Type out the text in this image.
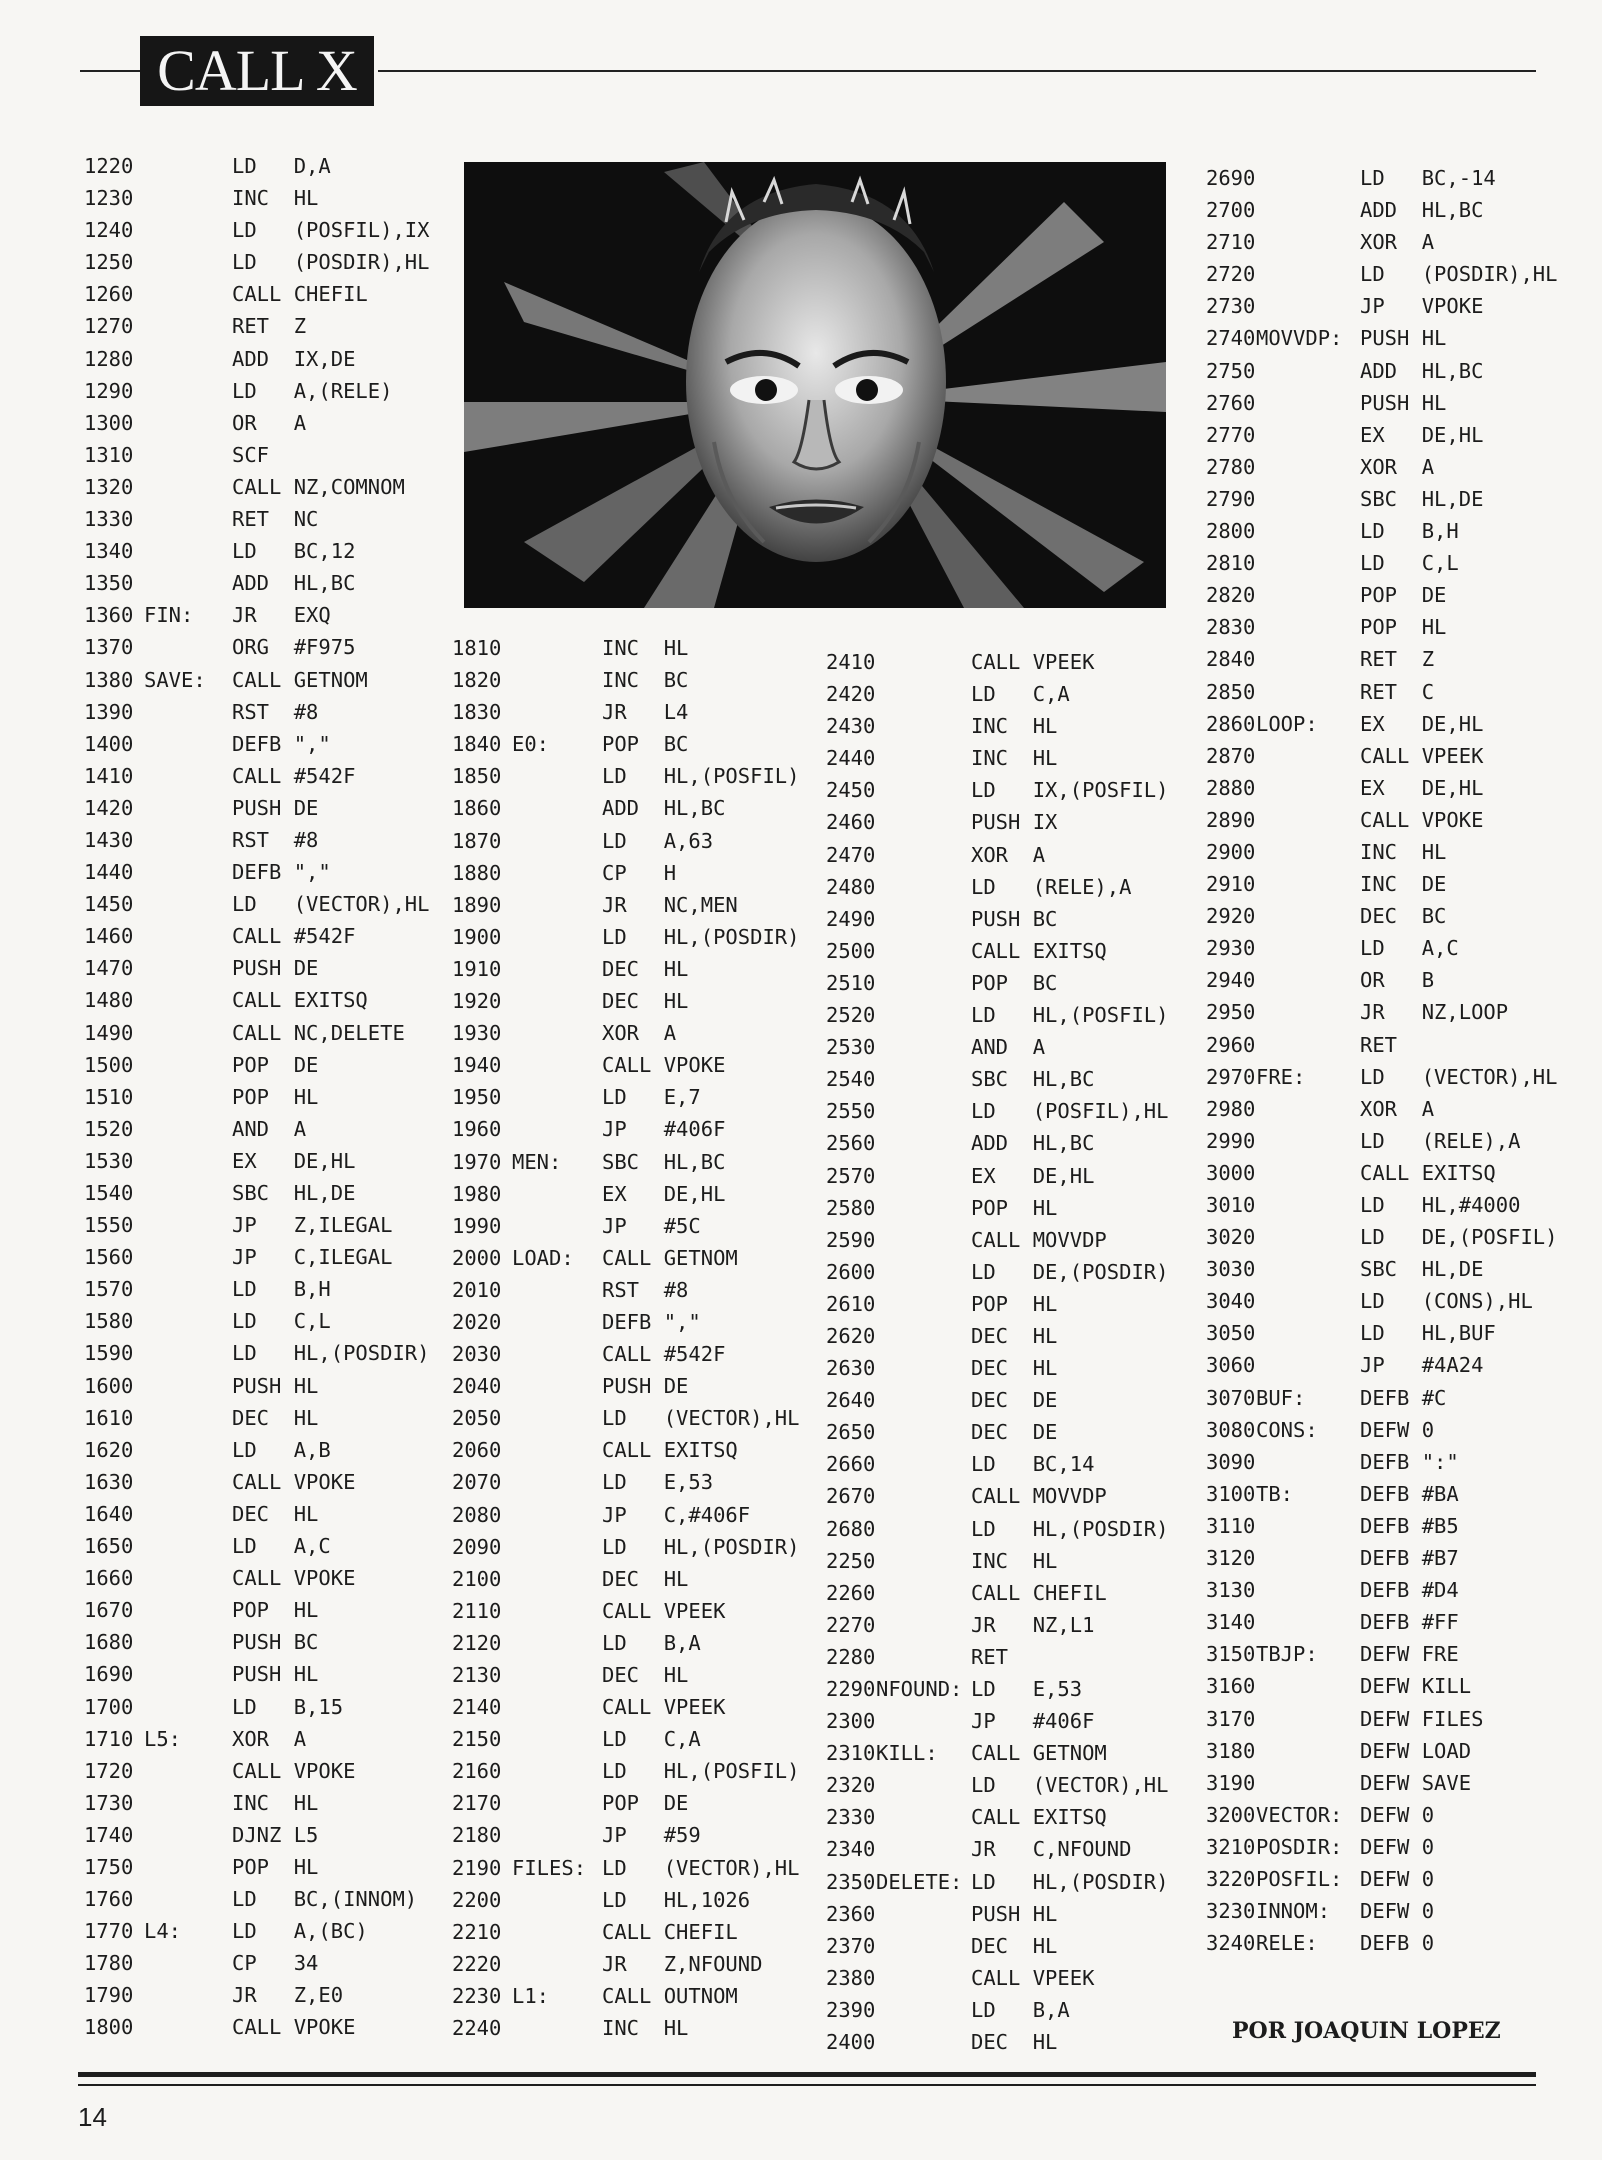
CALL X
1220	LD   D,A
1230	INC  HL
1240	LD   (POSFIL),IX
1250	LD   (POSDIR),HL
1260	CALL CHEFIL
1270	RET  Z
1280	ADD  IX,DE
1290	LD   A,(RELE)
1300	OR   A
1310	SCF
1320	CALL NZ,COMNOM
1330	RET  NC
1340	LD   BC,12
1350	ADD  HL,BC
1360 FIN:	JR   EXQ
1370	ORG  #F975
1380 SAVE:	CALL GETNOM
1390	RST  #8
1400	DEFB ","
1410	CALL #542F
1420	PUSH DE
1430	RST  #8
1440	DEFB ","
1450	LD   (VECTOR),HL
1460	CALL #542F
1470	PUSH DE
1480	CALL EXITSQ
1490	CALL NC,DELETE
1500	POP  DE
1510	POP  HL
1520	AND  A
1530	EX   DE,HL
1540	SBC  HL,DE
1550	JP   Z,ILEGAL
1560	JP   C,ILEGAL
1570	LD   B,H
1580	LD   C,L
1590	LD   HL,(POSDIR)
1600	PUSH HL
1610	DEC  HL
1620	LD   A,B
1630	CALL VPOKE
1640	DEC  HL
1650	LD   A,C
1660	CALL VPOKE
1670	POP  HL
1680	PUSH BC
1690	PUSH HL
1700	LD   B,15
1710 L5:	XOR  A
1720	CALL VPOKE
1730	INC  HL
1740	DJNZ L5
1750	POP  HL
1760	LD   BC,(INNOM)
1770 L4:	LD   A,(BC)
1780	CP   34
1790	JR   Z,E0
1800	CALL VPOKE
1810	INC  HL
1820	INC  BC
1830	JR   L4
1840 E0:	POP  BC
1850	LD   HL,(POSFIL)
1860	ADD  HL,BC
1870	LD   A,63
1880	CP   H
1890	JR   NC,MEN
1900	LD   HL,(POSDIR)
1910	DEC  HL
1920	DEC  HL
1930	XOR  A
1940	CALL VPOKE
1950	LD   E,7
1960	JP   #406F
1970 MEN:	SBC  HL,BC
1980	EX   DE,HL
1990	JP   #5C
2000 LOAD:	CALL GETNOM
2010	RST  #8
2020	DEFB ","
2030	CALL #542F
2040	PUSH DE
2050	LD   (VECTOR),HL
2060	CALL EXITSQ
2070	LD   E,53
2080	JP   C,#406F
2090	LD   HL,(POSDIR)
2100	DEC  HL
2110	CALL VPEEK
2120	LD   B,A
2130	DEC  HL
2140	CALL VPEEK
2150	LD   C,A
2160	LD   HL,(POSFIL)
2170	POP  DE
2180	JP   #59
2190 FILES: LD   (VECTOR),HL
2200	LD   HL,1026
2210	CALL CHEFIL
2220	JR   Z,NFOUND
2230 L1:	CALL OUTNOM
2240	INC  HL
2410	CALL VPEEK
2420	LD   C,A
2430	INC  HL
2440	INC  HL
2450	LD   IX,(POSFIL)
2460	PUSH IX
2470	XOR  A
2480	LD   (RELE),A
2490	PUSH BC
2500	CALL EXITSQ
2510	POP  BC
2520	LD   HL,(POSFIL)
2530	AND  A
2540	SBC  HL,BC
2550	LD   (POSFIL),HL
2560	ADD  HL,BC
2570	EX   DE,HL
2580	POP  HL
2590	CALL MOVVDP
2600	LD   DE,(POSDIR)
2610	POP  HL
2620	DEC  HL
2630	DEC  HL
2640	DEC  DE
2650	DEC  DE
2660	LD   BC,14
2670	CALL MOVVDP
2680	LD   HL,(POSDIR)
2250	INC  HL
2260	CALL CHEFIL
2270	JR   NZ,L1
2280	RET
2290 NFOUND: LD   E,53
2300	JP   #406F
2310 KILL:	CALL GETNOM
2320	LD   (VECTOR),HL
2330	CALL EXITSQ
2340	JR   C,NFOUND
2350 DELETE: LD   HL,(POSDIR)
2360	PUSH HL
2370	DEC  HL
2380	CALL VPEEK
2390	LD   B,A
2400	DEC  HL
2690	LD   BC,-14
2700	ADD  HL,BC
2710	XOR  A
2720	LD   (POSDIR),HL
2730	JP   VPOKE
2740 MOVVDP: PUSH HL
2750	ADD  HL,BC
2760	PUSH HL
2770	EX   DE,HL
2780	XOR  A
2790	SBC  HL,DE
2800	LD   B,H
2810	LD   C,L
2820	POP  DE
2830	POP  HL
2840	RET  Z
2850	RET  C
2860 LOOP:	EX   DE,HL
2870	CALL VPEEK
2880	EX   DE,HL
2890	CALL VPOKE
2900	INC  HL
2910	INC  DE
2920	DEC  BC
2930	LD   A,C
2940	OR   B
2950	JR   NZ,LOOP
2960	RET
2970 FRE:	LD   (VECTOR),HL
2980	XOR  A
2990	LD   (RELE),A
3000	CALL EXITSQ
3010	LD   HL,#4000
3020	LD   DE,(POSFIL)
3030	SBC  HL,DE
3040	LD   (CONS),HL
3050	LD   HL,BUF
3060	JP   #4A24
3070 BUF:	DEFB #C
3080 CONS:	DEFW 0
3090	DEFB ":"
3100 TB:	DEFB #BA
3110	DEFB #B5
3120	DEFB #B7
3130	DEFB #D4
3140	DEFB #FF
3150 TBJP:	DEFW FRE
3160	DEFW KILL
3170	DEFW FILES
3180	DEFW LOAD
3190	DEFW SAVE
3200 VECTOR: DEFW 0
3210 POSDIR: DEFW 0
3220 POSFIL: DEFW 0
3230 INNOM:	DEFW 0
3240 RELE:	DEFB 0
POR JOAQUIN LOPEZ
14
